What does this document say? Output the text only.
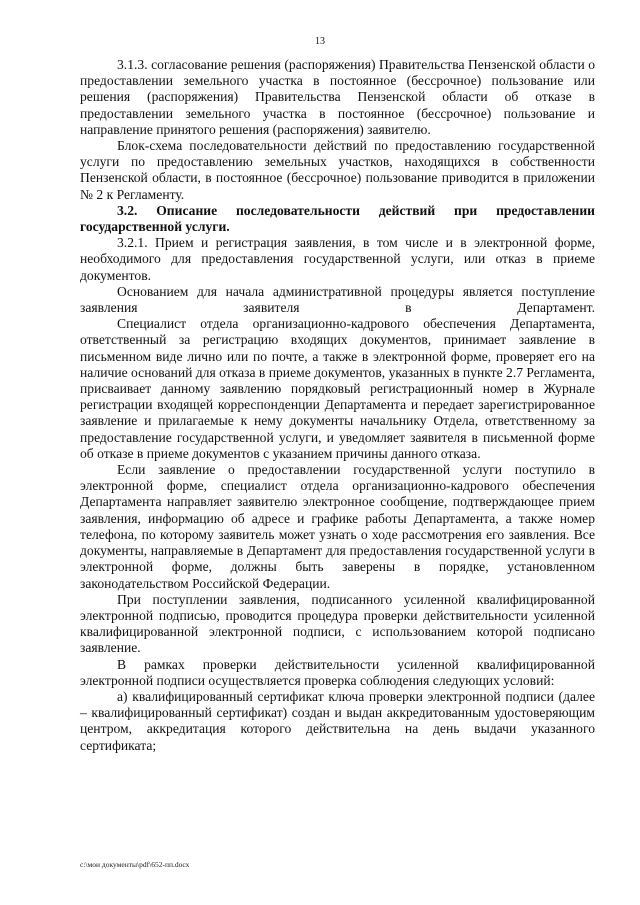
13

3.1.3. согласование решения (распоряжения) Правительства Пензенской области о предоставлении земельного участка в постоянное (бессрочное) пользование или решения (распоряжения) Правительства Пензенской области об отказе в предоставлении земельного участка в постоянное (бессрочное) пользование и направление принятого решения (распоряжения) заявителю.

Блок-схема последовательности действий по предоставлению государственной услуги по предоставлению земельных участков, находящихся в собственности Пензенской области, в постоянное (бессрочное) пользование приводится в приложении № 2 к Регламенту.

3.2. Описание последовательности действий при предоставлении государственной услуги.

3.2.1. Прием и регистрация заявления, в том числе и в электронной форме, необходимого для предоставления государственной услуги, или отказ в приеме документов.

Основанием для начала административной процедуры является поступление заявления заявителя в Департамент.

Специалист отдела организационно-кадрового обеспечения Департамента, ответственный за регистрацию входящих документов, принимает заявление в письменном виде лично или по почте, а также в электронной форме, проверяет его на наличие оснований для отказа в приеме документов, указанных в пункте 2.7 Регламента, присваивает данному заявлению порядковый регистрационный номер в Журнале регистрации входящей корреспонденции Департамента и передает зарегистрированное заявление и прилагаемые к нему документы начальнику Отдела, ответственному за предоставление государственной услуги, и уведомляет заявителя в письменной форме об отказе в приеме документов с указанием причины данного отказа.

Если заявление о предоставлении государственной услуги поступило в электронной форме, специалист отдела организационно-кадрового обеспечения Департамента направляет заявителю электронное сообщение, подтверждающее прием заявления, информацию об адресе и графике работы Департамента, а также номер телефона, по которому заявитель может узнать о ходе рассмотрения его заявления. Все документы, направляемые в Департамент для предоставления государственной услуги в электронной форме, должны быть заверены в порядке, установленном законодательством Российской Федерации.

При поступлении заявления, подписанного усиленной квалифицированной электронной подписью, проводится процедура проверки действительности усиленной квалифицированной электронной подписи, с использованием которой подписано заявление.

В рамках проверки действительности усиленной квалифицированной электронной подписи осуществляется проверка соблюдения следующих условий:

а) квалифицированный сертификат ключа проверки электронной подписи (далее – квалифицированный сертификат) создан и выдан аккредитованным удостоверяющим центром, аккредитация которого действительна на день выдачи указанного сертификата;

c:\мои документы\pdf\652-пп.docx
